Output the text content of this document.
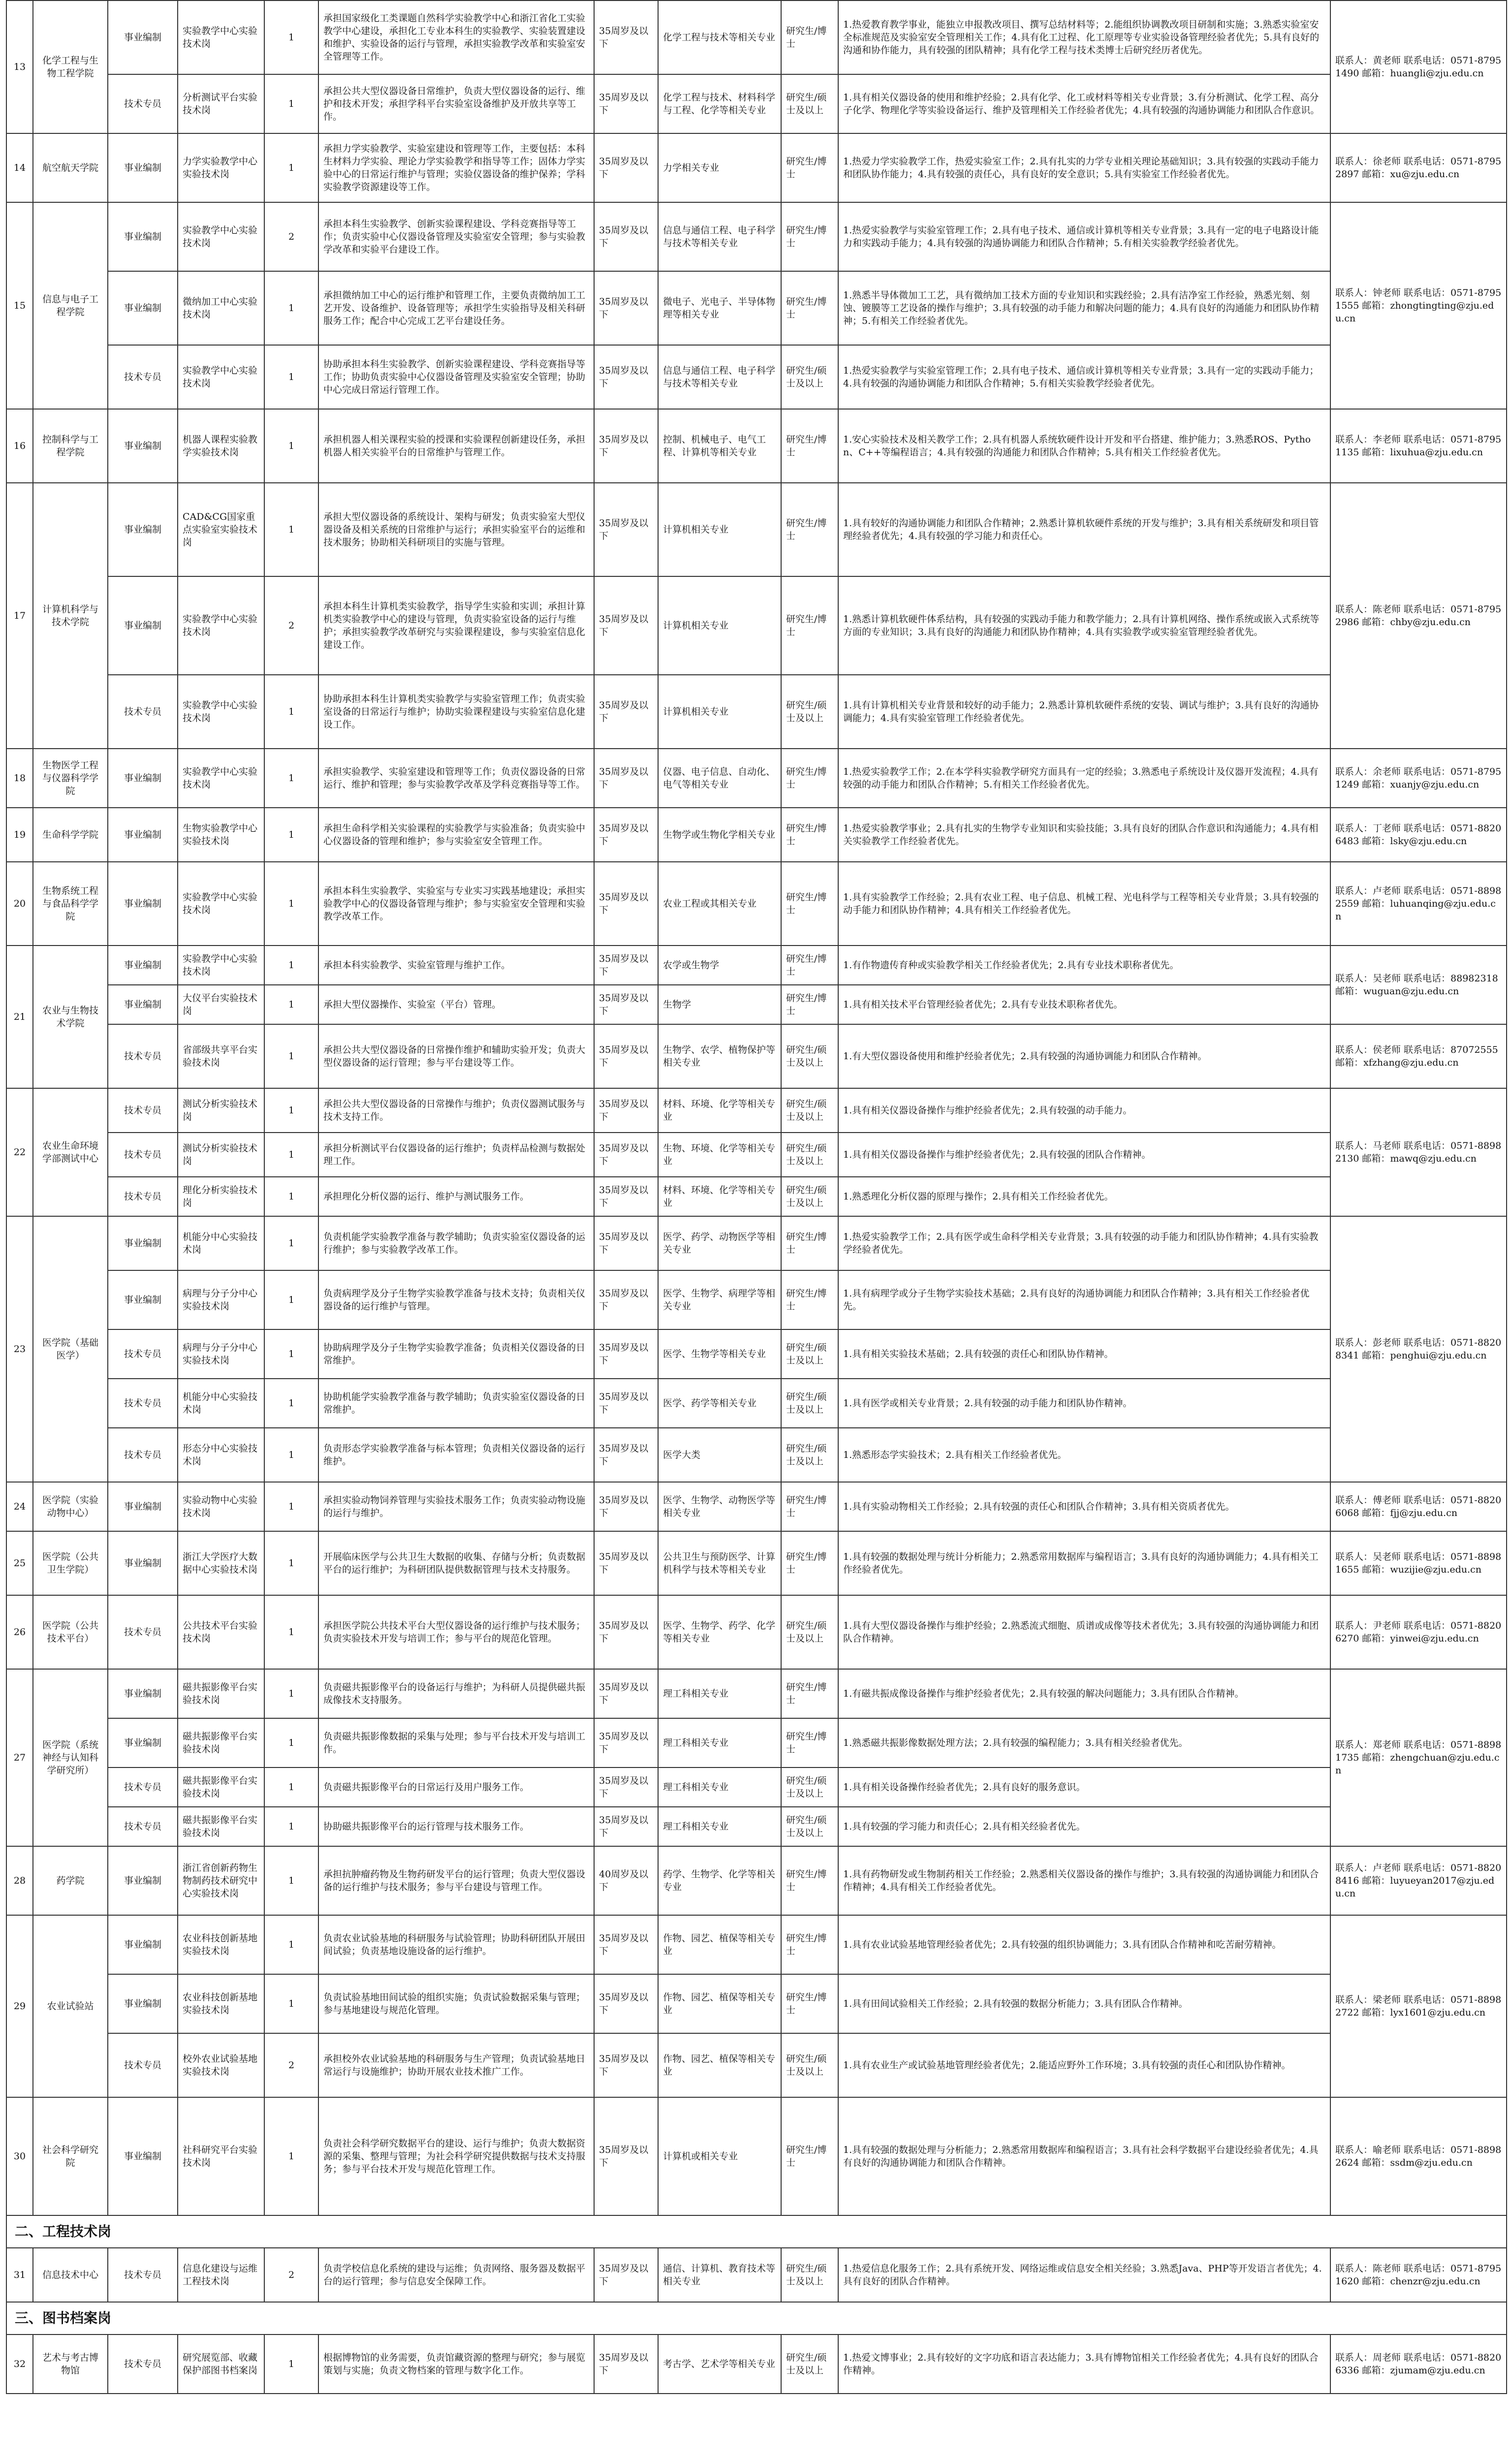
13	化学工程与生物工程学院	事业编制	实验教学中心实验技术岗	1	承担国家级化工类课题自然科学实验教学中心和浙江省化工实验教学中心建设，承担化工专业本科生的实验教学、实验装置建设和维护、实验设备的运行与管理，承担实验教学改革和实验室安全管理等工作。	35周岁及以下	化学工程与技术等相关专业	研究生/博士	1.热爱教育教学事业，能独立申报教改项目、撰写总结材料等；2.能组织协调教改项目研制和实施；3.熟悉实验室安全标准规范及实验室安全管理相关工作；4.具有化工过程、化工原理等专业实验设备管理经验者优先；5.具有良好的沟通和协作能力，具有较强的团队精神；具有化学工程与技术类博士后研究经历者优先。	联系人：黄老师 联系电话：0571-87951490 邮箱：huangli@zju.edu.cn
		技术专员	分析测试平台实验技术岗	1	承担公共大型仪器设备日常维护，负责大型仪器设备的运行、维护和技术开发；承担学科平台实验室设备维护及开放共享等工作。	35周岁及以下	化学工程与技术、材料科学与工程、化学等相关专业	研究生/硕士及以上	1.具有相关仪器设备的使用和维护经验；2.具有化学、化工或材料等相关专业背景；3.有分析测试、化学工程、高分子化学、物理化学等实验设备运行、维护及管理相关工作经验者优先；4.具有较强的沟通协调能力和团队合作意识。	
14	航空航天学院	事业编制	力学实验教学中心实验技术岗	1	承担力学实验教学、实验室建设和管理等工作，主要包括：本科生材料力学实验、理论力学实验教学和指导等工作；固体力学实验中心的日常运行维护与管理；实验仪器设备的维护保养；学科实验教学资源建设等工作。	35周岁及以下	力学相关专业	研究生/博士	1.热爱力学实验教学工作，热爱实验室工作；2.具有扎实的力学专业相关理论基础知识；3.具有较强的实践动手能力和团队协作能力；4.具有较强的责任心，具有良好的安全意识；5.具有实验室工作经验者优先。	联系人：徐老师 联系电话：0571-87952897 邮箱：xu@zju.edu.cn
15	信息与电子工程学院	事业编制	实验教学中心实验技术岗	2	承担本科生实验教学、创新实验课程建设、学科竞赛指导等工作；负责实验中心仪器设备管理及实验室安全管理；参与实验教学改革和实验平台建设工作。	35周岁及以下	信息与通信工程、电子科学与技术等相关专业	研究生/博士	1.热爱实验教学与实验室管理工作；2.具有电子技术、通信或计算机等相关专业背景；3.具有一定的电子电路设计能力和实践动手能力；4.具有较强的沟通协调能力和团队合作精神；5.有相关实验教学经验者优先。	联系人：钟老师 联系电话：0571-87951555 邮箱：zhongtingting@zju.edu.cn
		事业编制	微纳加工中心实验技术岗	1	承担微纳加工中心的运行维护和管理工作，主要负责微纳加工工艺开发、设备维护、设备管理等；承担学生实验指导及相关科研服务工作；配合中心完成工艺平台建设任务。	35周岁及以下	微电子、光电子、半导体物理等相关专业	研究生/博士	1.熟悉半导体微加工工艺，具有微纳加工技术方面的专业知识和实践经验；2.具有洁净室工作经验，熟悉光刻、刻蚀、镀膜等工艺设备的操作与维护；3.具有较强的动手能力和解决问题的能力；4.具有良好的沟通能力和团队协作精神；5.有相关工作经验者优先。	
		技术专员	实验教学中心实验技术岗	1	协助承担本科生实验教学、创新实验课程建设、学科竞赛指导等工作；协助负责实验中心仪器设备管理及实验室安全管理；协助中心完成日常运行管理工作。	35周岁及以下	信息与通信工程、电子科学与技术等相关专业	研究生/硕士及以上	1.热爱实验教学与实验室管理工作；2.具有电子技术、通信或计算机等相关专业背景；3.具有一定的实践动手能力；4.具有较强的沟通协调能力和团队合作精神；5.有相关实验教学经验者优先。	
16	控制科学与工程学院	事业编制	机器人课程实验教学实验技术岗	1	承担机器人相关课程实验的授课和实验课程创新建设任务，承担机器人相关实验平台的日常维护与管理工作。	35周岁及以下	控制、机械电子、电气工程、计算机等相关专业	研究生/博士	1.安心实验技术及相关教学工作；2.具有机器人系统软硬件设计开发和平台搭建、维护能力；3.熟悉ROS、Python、C++等编程语言；4.具有较强的沟通能力和团队合作精神；5.具有相关工作经验者优先。	联系人：李老师 联系电话：0571-87951135 邮箱：lixuhua@zju.edu.cn
17	计算机科学与技术学院	事业编制	CAD&CG国家重点实验室实验技术岗	1	承担大型仪器设备的系统设计、架构与研发；负责实验室大型仪器设备及相关系统的日常维护与运行；承担实验室平台的运维和技术服务；协助相关科研项目的实施与管理。	35周岁及以下	计算机相关专业	研究生/博士	1.具有较好的沟通协调能力和团队合作精神；2.熟悉计算机软硬件系统的开发与维护；3.具有相关系统研发和项目管理经验者优先；4.具有较强的学习能力和责任心。	联系人：陈老师 联系电话：0571-87952986 邮箱：chby@zju.edu.cn
		事业编制	实验教学中心实验技术岗	2	承担本科生计算机类实验教学，指导学生实验和实训；承担计算机类实验教学中心的建设与管理，负责实验室设备的运行与维护；承担实验教学改革研究与实验课程建设，参与实验室信息化建设工作。	35周岁及以下	计算机相关专业	研究生/博士	1.熟悉计算机软硬件体系结构，具有较强的实践动手能力和教学能力；2.具有计算机网络、操作系统或嵌入式系统等方面的专业知识；3.具有良好的沟通能力和团队协作精神；4.具有实验教学或实验室管理经验者优先。	
		技术专员	实验教学中心实验技术岗	1	协助承担本科生计算机类实验教学与实验室管理工作；负责实验室设备的日常运行与维护；协助实验课程建设与实验室信息化建设工作。	35周岁及以下	计算机相关专业	研究生/硕士及以上	1.具有计算机相关专业背景和较好的动手能力；2.熟悉计算机软硬件系统的安装、调试与维护；3.具有良好的沟通协调能力；4.具有实验室管理工作经验者优先。	
18	生物医学工程与仪器科学学院	事业编制	实验教学中心实验技术岗	1	承担实验教学、实验室建设和管理等工作；负责仪器设备的日常运行、维护和管理；参与实验教学改革及学科竞赛指导等工作。	35周岁及以下	仪器、电子信息、自动化、电气等相关专业	研究生/博士	1.热爱实验教学工作；2.在本学科实验教学研究方面具有一定的经验；3.熟悉电子系统设计及仪器开发流程；4.具有较强的动手能力和团队合作精神；5.有相关工作经验者优先。	联系人：余老师 联系电话：0571-87951249 邮箱：xuanjy@zju.edu.cn
19	生命科学学院	事业编制	生物实验教学中心实验技术岗	1	承担生命科学相关实验课程的实验教学与实验准备；负责实验中心仪器设备的管理和维护；参与实验室安全管理工作。	35周岁及以下	生物学或生物化学相关专业	研究生/博士	1.热爱实验教学事业；2.具有扎实的生物学专业知识和实验技能；3.具有良好的团队合作意识和沟通能力；4.具有相关实验教学工作经验者优先。	联系人：丁老师 联系电话：0571-88206483 邮箱：lsky@zju.edu.cn
20	生物系统工程与食品科学学院	事业编制	实验教学中心实验技术岗	1	承担本科生实验教学、实验室与专业实习实践基地建设；承担实验教学中心的仪器设备管理与维护；参与实验室安全管理和实验教学改革工作。	35周岁及以下	农业工程或其相关专业	研究生/博士	1.具有实验教学工作经验；2.具有农业工程、电子信息、机械工程、光电科学与工程等相关专业背景；3.具有较强的动手能力和团队协作精神；4.具有相关工作经验者优先。	联系人：卢老师 联系电话：0571-88982559 邮箱：luhuanqing@zju.edu.cn
21	农业与生物技术学院	事业编制	实验教学中心实验技术岗	1	承担本科实验教学、实验室管理与维护工作。	35周岁及以下	农学或生物学	研究生/博士	1.有作物遗传育种或实验教学相关工作经验者优先；2.具有专业技术职称者优先。	联系人：吴老师 联系电话：88982318 邮箱：wuguan@zju.edu.cn
		事业编制	大仪平台实验技术岗	1	承担大型仪器操作、实验室（平台）管理。	35周岁及以下	生物学	研究生/博士	1.具有相关技术平台管理经验者优先；2.具有专业技术职称者优先。	
		技术专员	省部级共享平台实验技术岗	1	承担公共大型仪器设备的日常操作维护和辅助实验开发；负责大型仪器设备的运行管理；参与平台建设等工作。	35周岁及以下	生物学、农学、植物保护等相关专业	研究生/硕士及以上	1.有大型仪器设备使用和维护经验者优先；2.具有较强的沟通协调能力和团队合作精神。	联系人：侯老师 联系电话：87072555 邮箱：xfzhang@zju.edu.cn
22	农业生命环境学部测试中心	技术专员	测试分析实验技术岗	1	承担公共大型仪器设备的日常操作与维护；负责仪器测试服务与技术支持工作。	35周岁及以下	材料、环境、化学等相关专业	研究生/硕士及以上	1.具有相关仪器设备操作与维护经验者优先；2.具有较强的动手能力。	联系人：马老师 联系电话：0571-88982130 邮箱：mawq@zju.edu.cn
		技术专员	测试分析实验技术岗	1	承担分析测试平台仪器设备的运行维护；负责样品检测与数据处理工作。	35周岁及以下	生物、环境、化学等相关专业	研究生/硕士及以上	1.具有相关仪器设备操作与维护经验者优先；2.具有较强的团队合作精神。	
		技术专员	理化分析实验技术岗	1	承担理化分析仪器的运行、维护与测试服务工作。	35周岁及以下	材料、环境、化学等相关专业	研究生/硕士及以上	1.熟悉理化分析仪器的原理与操作；2.具有相关工作经验者优先。	
23	医学院（基础医学）	事业编制	机能分中心实验技术岗	1	负责机能学实验教学准备与教学辅助；负责实验室仪器设备的运行维护；参与实验教学改革工作。	35周岁及以下	医学、药学、动物医学等相关专业	研究生/博士	1.热爱实验教学工作；2.具有医学或生命科学相关专业背景；3.具有较强的动手能力和团队协作精神；4.具有实验教学经验者优先。	联系人：彭老师 联系电话：0571-88208341 邮箱：penghui@zju.edu.cn
		事业编制	病理与分子分中心实验技术岗	1	负责病理学及分子生物学实验教学准备与技术支持；负责相关仪器设备的运行维护与管理。	35周岁及以下	医学、生物学、病理学等相关专业	研究生/博士	1.具有病理学或分子生物学实验技术基础；2.具有良好的沟通协调能力和团队合作精神；3.具有相关工作经验者优先。	
		技术专员	病理与分子分中心实验技术岗	1	协助病理学及分子生物学实验教学准备；负责相关仪器设备的日常维护。	35周岁及以下	医学、生物学等相关专业	研究生/硕士及以上	1.具有相关实验技术基础；2.具有较强的责任心和团队协作精神。	
		技术专员	机能分中心实验技术岗	1	协助机能学实验教学准备与教学辅助；负责实验室仪器设备的日常维护。	35周岁及以下	医学、药学等相关专业	研究生/硕士及以上	1.具有医学或相关专业背景；2.具有较强的动手能力和团队协作精神。	
		技术专员	形态分中心实验技术岗	1	负责形态学实验教学准备与标本管理；负责相关仪器设备的运行维护。	35周岁及以下	医学大类	研究生/硕士及以上	1.熟悉形态学实验技术；2.具有相关工作经验者优先。	
24	医学院（实验动物中心）	事业编制	实验动物中心实验技术岗	1	承担实验动物饲养管理与实验技术服务工作；负责实验动物设施的运行与维护。	35周岁及以下	医学、生物学、动物医学等相关专业	研究生/博士	1.具有实验动物相关工作经验；2.具有较强的责任心和团队合作精神；3.具有相关资质者优先。	联系人：傅老师 联系电话：0571-88206068 邮箱：fjj@zju.edu.cn
25	医学院（公共卫生学院）	事业编制	浙江大学医疗大数据中心实验技术岗	1	开展临床医学与公共卫生大数据的收集、存储与分析；负责数据平台的运行维护；为科研团队提供数据管理与技术支持服务。	35周岁及以下	公共卫生与预防医学、计算机科学与技术等相关专业	研究生/博士	1.具有较强的数据处理与统计分析能力；2.熟悉常用数据库与编程语言；3.具有良好的沟通协调能力；4.具有相关工作经验者优先。	联系人：吴老师 联系电话：0571-88981655 邮箱：wuzijie@zju.edu.cn
26	医学院（公共技术平台）	技术专员	公共技术平台实验技术岗	1	承担医学院公共技术平台大型仪器设备的运行维护与技术服务；负责实验技术开发与培训工作；参与平台的规范化管理。	35周岁及以下	医学、生物学、药学、化学等相关专业	研究生/硕士及以上	1.具有大型仪器设备操作与维护经验；2.熟悉流式细胞、质谱或成像等技术者优先；3.具有较强的沟通协调能力和团队合作精神。	联系人：尹老师 联系电话：0571-88206270 邮箱：yinwei@zju.edu.cn
27	医学院（系统神经与认知科学研究所）	事业编制	磁共振影像平台实验技术岗	1	负责磁共振影像平台的设备运行与维护；为科研人员提供磁共振成像技术支持服务。	35周岁及以下	理工科相关专业	研究生/博士	1.有磁共振成像设备操作与维护经验者优先；2.具有较强的解决问题能力；3.具有团队合作精神。	联系人：郑老师 联系电话：0571-88981735 邮箱：zhengchuan@zju.edu.cn
		事业编制	磁共振影像平台实验技术岗	1	负责磁共振影像数据的采集与处理；参与平台技术开发与培训工作。	35周岁及以下	理工科相关专业	研究生/博士	1.熟悉磁共振影像数据处理方法；2.具有较强的编程能力；3.具有相关经验者优先。	
		技术专员	磁共振影像平台实验技术岗	1	负责磁共振影像平台的日常运行及用户服务工作。	35周岁及以下	理工科相关专业	研究生/硕士及以上	1.具有相关设备操作经验者优先；2.具有良好的服务意识。	
		技术专员	磁共振影像平台实验技术岗	1	协助磁共振影像平台的运行管理与技术服务工作。	35周岁及以下	理工科相关专业	研究生/硕士及以上	1.具有较强的学习能力和责任心；2.具有相关经验者优先。	
28	药学院	事业编制	浙江省创新药物生物制药技术研究中心实验技术岗	1	承担抗肿瘤药物及生物药研发平台的运行管理；负责大型仪器设备的运行维护与技术服务；参与平台建设与管理工作。	40周岁及以下	药学、生物学、化学等相关专业	研究生/博士	1.具有药物研发或生物制药相关工作经验；2.熟悉相关仪器设备的操作与维护；3.具有较强的沟通协调能力和团队合作精神；4.具有相关工作经验者优先。	联系人：卢老师 联系电话：0571-88208416 邮箱：luyueyan2017@zju.edu.cn
29	农业试验站	事业编制	农业科技创新基地实验技术岗	1	负责农业试验基地的科研服务与试验管理；协助科研团队开展田间试验；负责基地设施设备的运行维护。	35周岁及以下	作物、园艺、植保等相关专业	研究生/博士	1.具有农业试验基地管理经验者优先；2.具有较强的组织协调能力；3.具有团队合作精神和吃苦耐劳精神。	联系人：梁老师 联系电话：0571-88982722 邮箱：lyx1601@zju.edu.cn
		事业编制	农业科技创新基地实验技术岗	1	负责试验基地田间试验的组织实施；负责试验数据采集与管理；参与基地建设与规范化管理。	35周岁及以下	作物、园艺、植保等相关专业	研究生/博士	1.具有田间试验相关工作经验；2.具有较强的数据分析能力；3.具有团队合作精神。	
		技术专员	校外农业试验基地实验技术岗	2	承担校外农业试验基地的科研服务与生产管理；负责试验基地日常运行与设施维护；协助开展农业技术推广工作。	35周岁及以下	作物、园艺、植保等相关专业	研究生/硕士及以上	1.具有农业生产或试验基地管理经验者优先；2.能适应野外工作环境；3.具有较强的责任心和团队协作精神。	
30	社会科学研究院	事业编制	社科研究平台实验技术岗	1	负责社会科学研究数据平台的建设、运行与维护；负责大数据资源的采集、整理与管理；为社会科学研究提供数据与技术支持服务；参与平台技术开发与规范化管理工作。	35周岁及以下	计算机或相关专业	研究生/博士	1.具有较强的数据处理与分析能力；2.熟悉常用数据库和编程语言；3.具有社会科学数据平台建设经验者优先；4.具有良好的沟通协调能力和团队合作精神。	联系人：喻老师 联系电话：0571-88982624 邮箱：ssdm@zju.edu.cn
二、工程技术岗										
31	信息技术中心	技术专员	信息化建设与运维工程技术岗	2	负责学校信息化系统的建设与运维；负责网络、服务器及数据平台的运行管理；参与信息安全保障工作。	35周岁及以下	通信、计算机、教育技术等相关专业	研究生/硕士及以上	1.热爱信息化服务工作；2.具有系统开发、网络运维或信息安全相关经验；3.熟悉Java、PHP等开发语言者优先；4.具有良好的团队合作精神。	联系人：陈老师 联系电话：0571-87951620 邮箱：chenzr@zju.edu.cn
三、图书档案岗										
32	艺术与考古博物馆	技术专员	研究展览部、收藏保护部图书档案岗	1	根据博物馆的业务需要，负责馆藏资源的整理与研究；参与展览策划与实施；负责文物档案的管理与数字化工作。	35周岁及以下	考古学、艺术学等相关专业	研究生/硕士及以上	1.热爱文博事业；2.具有较好的文字功底和语言表达能力；3.具有博物馆相关工作经验者优先；4.具有良好的团队合作精神。	联系人：周老师 联系电话：0571-88206336 邮箱：zjumam@zju.edu.cn
